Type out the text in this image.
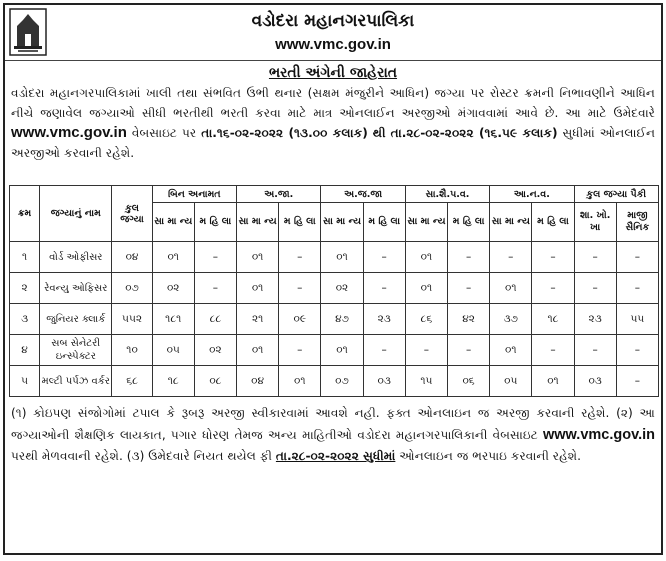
વડોદરા મહાનગરપાલિકા
www.vmc.gov.in
ભરતી અંગેની જાહેરાત
વડોદરા મહાનગરપાલિકામાં ખાલી તથા સંભવિત ઉભી થનાર (સક્ષમ મંજુરીને આધિન) જગ્યા પર રોસ્ટર ક્રમની નિભાવણીને આધિન નીચે જણાવેલ જગ્યાઓ સીધી ભરતીથી ભરતી કરવા માટે માત્ર ઓનલાઈન અરજીઓ મંગાવવામાં આવે છે. આ માટે ઉમેદવારે www.vmc.gov.in વેબસાઇટ પર તા.૧૬-૦૨-૨૦૨૨ (૧૩.૦૦ કલાક) થી તા.૨૮-૦૨-૨૦૨૨ (૧૬.૫૯ કલાક) સુધીમાં ઓનલાઈન અરજીઓ કરવાની રહેશે.
ક્રમ	જગ્યાનું નામ	કુલ જગ્યા	બિન અનામત		અ.જા.		અ.જ.જા		સા.શૈ.પ.વ.		આ.ન.વ.		કુલ જગ્યા પૈકી	
			સા મા ન્ય	મ હિ લા	સા મા ન્ય	મ હિ લા	સા મા ન્ય	મ હિ લા	સા મા ન્ય	મ હિ લા	સા મા ન્ય	મ હિ લા	શા. ખો. ખા	માજી સૈનિક
૧	વોર્ડ ઓફીસર	૦૪	૦૧	–	૦૧	–	૦૧	–	૦૧	–	–	–	–	–
૨	રેવન્યુ ઓફિસર	૦૭	૦૨	–	૦૧	–	૦૨	–	૦૧	–	૦૧	–	–	–
૩	જુનિયર ક્લાર્ક	૫૫૨	૧૮૧	૮૮	૨૧	૦૯	૪૭	૨૩	૮૬	૪૨	૩૭	૧૮	૨૩	૫૫
૪	સબ સેનેટરી ઇન્સ્પેક્ટર	૧૦	૦૫	૦૨	૦૧	–	૦૧	–	–	–	૦૧	–	–	–
૫	મલ્ટી પર્પઝ વર્કર	૬૮	૧૮	૦૮	૦૪	૦૧	૦૭	૦૩	૧૫	૦૬	૦૫	૦૧	૦૩	–
(૧) કોઇપણ સંજોગોમાં ટપાલ કે રૂબરૂ અરજી સ્વીકારવામાં આવશે નહી. ફક્ત ઓનલાઇન જ અરજી કરવાની રહેશે. (૨) આ જગ્યાઓની શૈક્ષણિક લાયકાત, પગાર ધોરણ તેમજ અન્ય માહિતીઓ વડોદરા મહાનગરપાલિકાની વેબસાઇટ www.vmc.gov.in પરથી મેળવવાની રહેશે. (૩) ઉમેદવારે નિયત થયેલ ફી તા.૨૮-૦૨-૨૦૨૨ સુધીમાં ઓનલાઇન જ ભરપાઇ કરવાની રહેશે.
